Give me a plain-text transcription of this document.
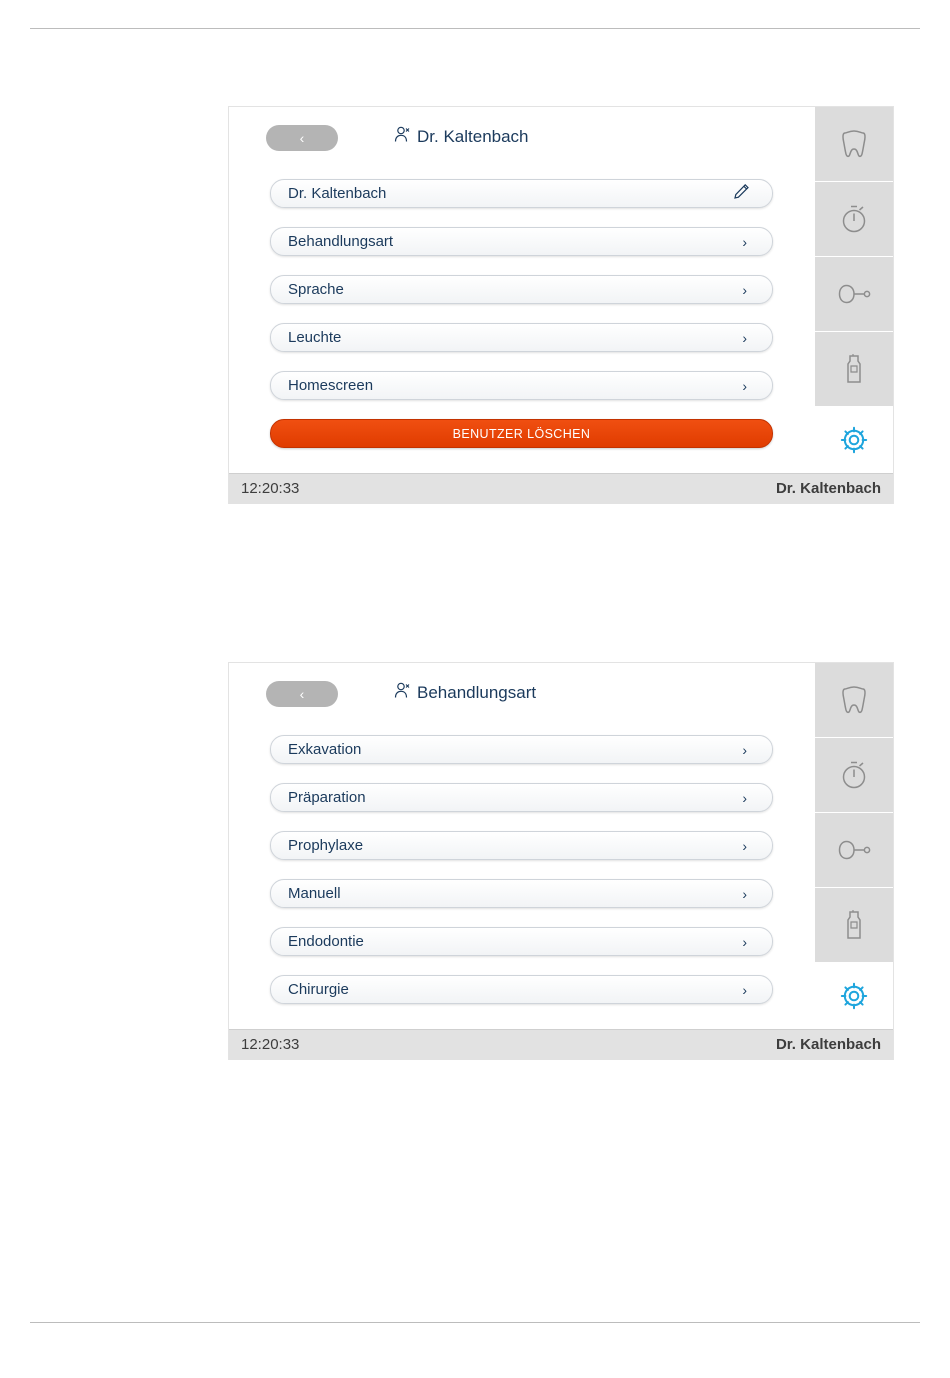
‹	Dr. Kaltenbach
Dr. Kaltenbach
Behandlungsart	›
Sprache	›
Leuchte	›
Homescreen	›
BENUTZER LÖSCHEN
12:20:33	Dr. Kaltenbach
‹	Behandlungsart
Exkavation	›
Präparation	›
Prophylaxe	›
Manuell	›
Endodontie	›
Chirurgie	›
12:20:33	Dr. Kaltenbach
